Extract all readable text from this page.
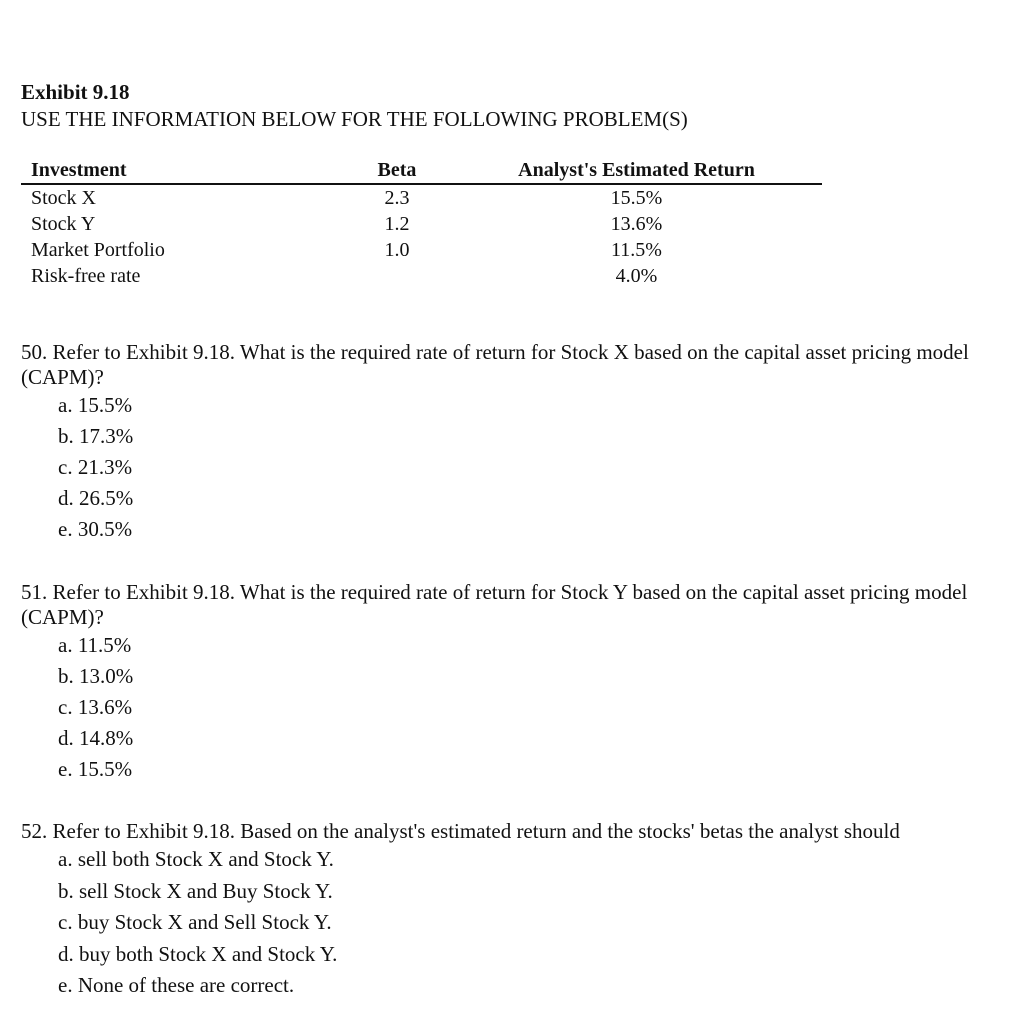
Exhibit 9.18
USE THE INFORMATION BELOW FOR THE FOLLOWING PROBLEM(S)
Investment	Beta	Analyst's Estimated Return
Stock X	2.3	15.5%
Stock Y	1.2	13.6%
Market Portfolio	1.0	11.5%
Risk-free rate		4.0%

50. Refer to Exhibit 9.18. What is the required rate of return for Stock X based on the capital asset pricing model (CAPM)?

a. 15.5%
b. 17.3%
c. 21.3%
d. 26.5%
e. 30.5%

51. Refer to Exhibit 9.18. What is the required rate of return for Stock Y based on the capital asset pricing model (CAPM)?

a. 11.5%
b. 13.0%
c. 13.6%
d. 14.8%
e. 15.5%

52. Refer to Exhibit 9.18. Based on the analyst's estimated return and the stocks' betas the analyst should

a. sell both Stock X and Stock Y.
b. sell Stock X and Buy Stock Y.
c. buy Stock X and Sell Stock Y.
d. buy both Stock X and Stock Y.
e. None of these are correct.
